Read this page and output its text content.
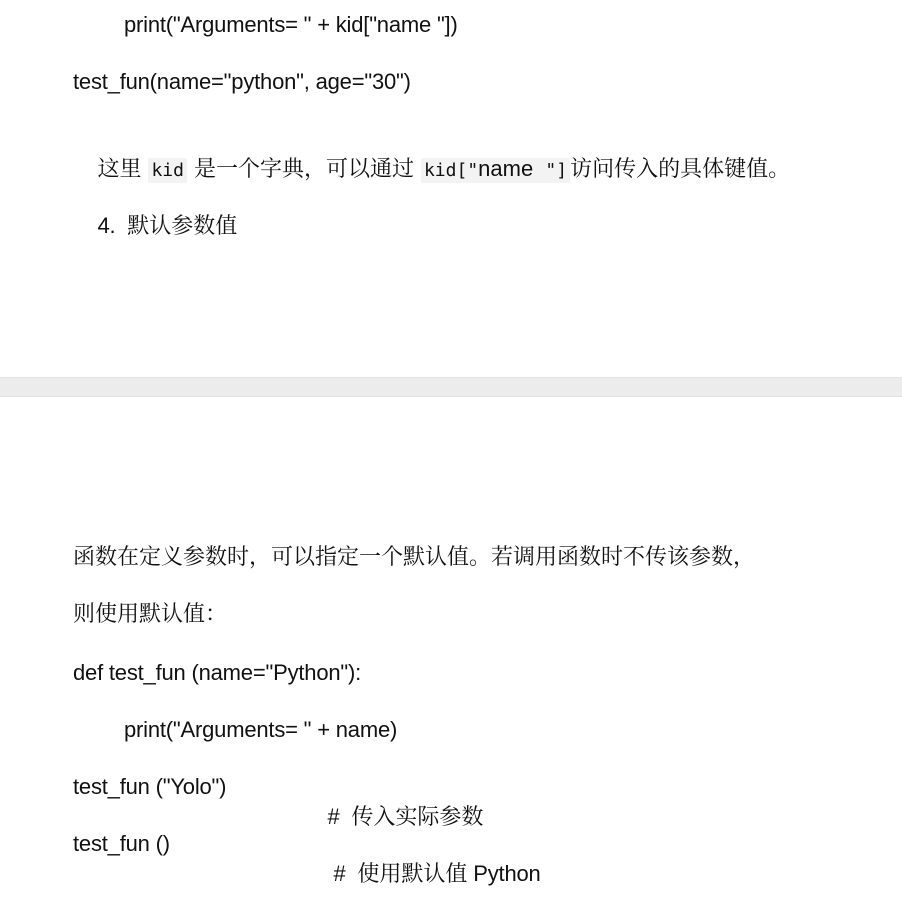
print("Arguments= " + kid["name "])
test_fun(name="python", age="30")

这里 kid 是一个字典，可以通过 kid["name  "] 访问传入的具体键值。

4. 默认参数值

函数在定义参数时，可以指定一个默认值。若调用函数时不传该参数，
则使用默认值：
def test_fun (name="Python"):
print("Arguments= " + name)
test_fun ("Yolo")

# 传入实际参数

test_fun ()

# 使用默认值 Python
